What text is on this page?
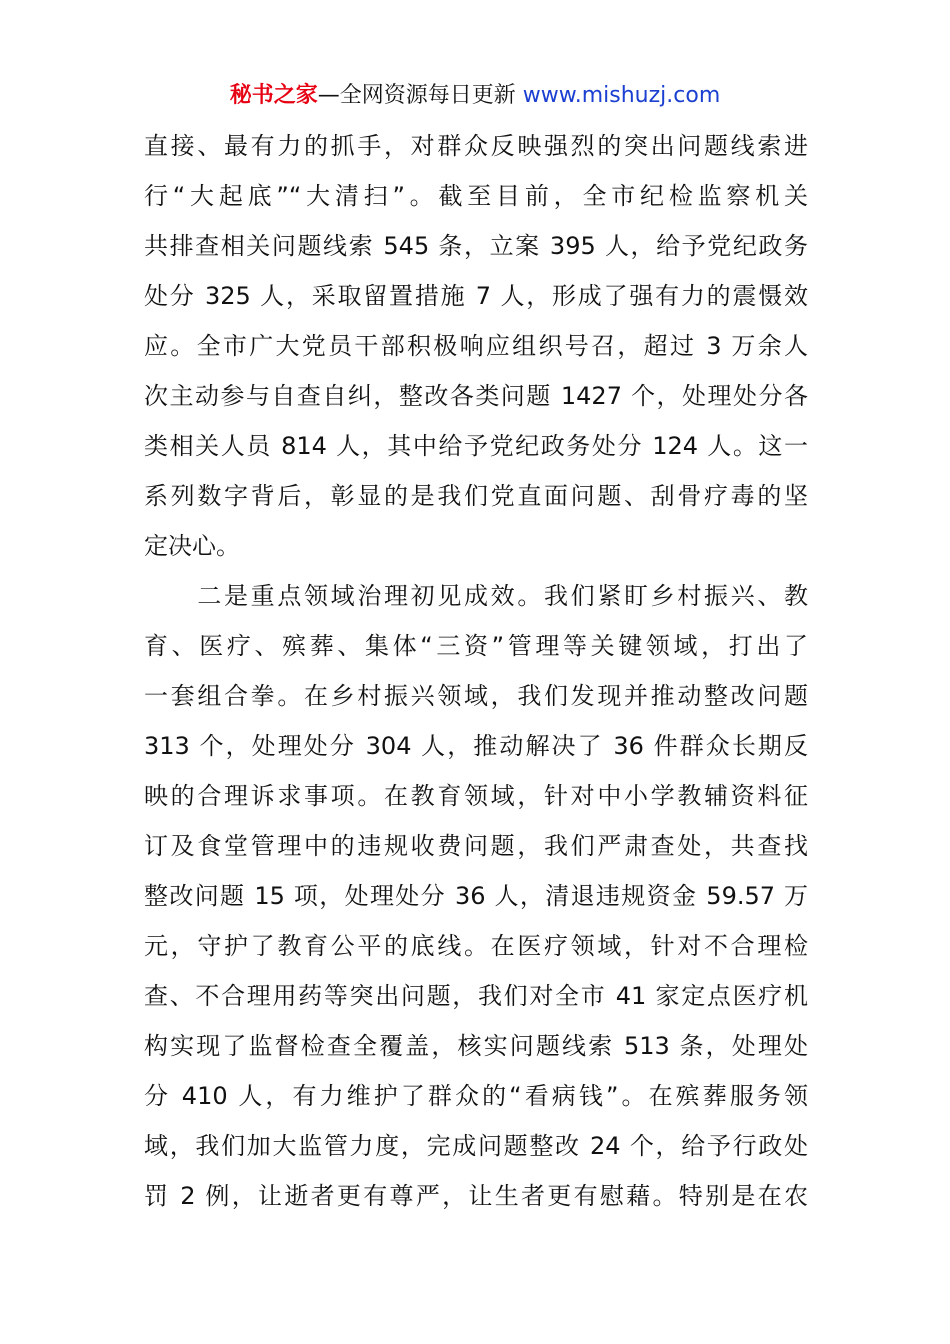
秘书之家—全网资源每日更新 www.mishuzj.com
直接、最有力的抓手，对群众反映强烈的突出问题线索进
行“大起底”“大清扫”。截至目前，全市纪检监察机关
共排查相关问题线索 545 条，立案 395 人，给予党纪政务
处分 325 人，采取留置措施 7 人，形成了强有力的震慑效
应。全市广大党员干部积极响应组织号召，超过 3 万余人
次主动参与自查自纠，整改各类问题 1427 个，处理处分各
类相关人员 814 人，其中给予党纪政务处分 124 人。这一
系列数字背后，彰显的是我们党直面问题、刮骨疗毒的坚
定决心。
　　二是重点领域治理初见成效。我们紧盯乡村振兴、教
育、医疗、殡葬、集体“三资”管理等关键领域，打出了
一套组合拳。在乡村振兴领域，我们发现并推动整改问题
313 个，处理处分 304 人，推动解决了 36 件群众长期反
映的合理诉求事项。在教育领域，针对中小学教辅资料征
订及食堂管理中的违规收费问题，我们严肃查处，共查找
整改问题 15 项，处理处分 36 人，清退违规资金 59.57 万
元，守护了教育公平的底线。在医疗领域，针对不合理检
查、不合理用药等突出问题，我们对全市 41 家定点医疗机
构实现了监督检查全覆盖，核实问题线索 513 条，处理处
分 410 人，有力维护了群众的“看病钱”。在殡葬服务领
域，我们加大监管力度，完成问题整改 24 个，给予行政处
罚 2 例，让逝者更有尊严，让生者更有慰藉。特别是在农
